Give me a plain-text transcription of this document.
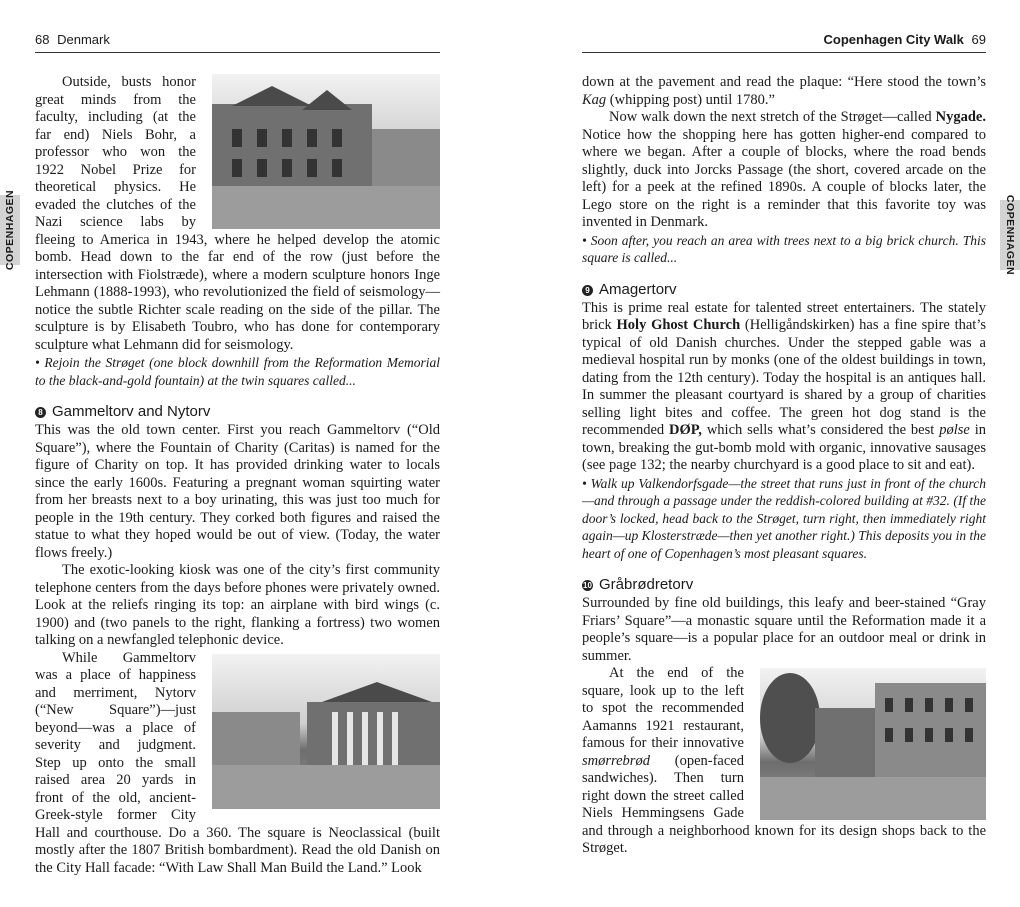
68 Denmark
COPENHAGEN

Outside, busts honor great minds from the faculty, including (at the far end) Niels Bohr, a professor who won the 1922 Nobel Prize for theoretical physics. He evaded the clutches of the Nazi science labs by fleeing to America in 1943, where he helped develop the atomic bomb. Head down to the far end of the row (just before the intersection with Fiolstræde), where a modern sculpture honors Inge Lehmann (1888-1993), who revolutionized the field of seismology—notice the subtle Richter scale reading on the side of the pillar. The sculpture is by Elisabeth Toubro, who has done for contemporary sculpture what Lehmann did for seismology.

• Rejoin the Strøget (one block downhill from the Reformation Memorial to the black-and-gold fountain) at the twin squares called...

8 Gammeltorv and Nytorv

This was the old town center. First you reach Gammeltorv (“Old Square”), where the Fountain of Charity (Caritas) is named for the figure of Charity on top. It has provided drinking water to locals since the early 1600s. Featuring a pregnant woman squirting water from her breasts next to a boy urinating, this was just too much for people in the 19th century. They corked both figures and raised the statue to what they hoped would be out of view. (Today, the water flows freely.)

The exotic-looking kiosk was one of the city’s first community telephone centers from the days before phones were privately owned. Look at the reliefs ringing its top: an airplane with bird wings (c. 1900) and (two panels to the right, flanking a fortress) two women talking on a newfangled telephonic device.

While Gammeltorv was a place of happiness and merriment, Nytorv (“New Square”)—just beyond—was a place of severity and judgment. Step up onto the small raised area 20 yards in front of the old, ancient-Greek-style former City Hall and courthouse. Do a 360. The square is Neoclassical (built mostly after the 1807 British bombardment). Read the old Danish on the City Hall facade: “With Law Shall Man Build the Land.” Look

Copenhagen City Walk 69
COPENHAGEN

down at the pavement and read the plaque: “Here stood the town’s Kag (whipping post) until 1780.”

Now walk down the next stretch of the Strøget—called Nygade. Notice how the shopping here has gotten higher-end compared to where we began. After a couple of blocks, where the road bends slightly, duck into Jorcks Passage (the short, covered arcade on the left) for a peek at the refined 1890s. A couple of blocks later, the Lego store on the right is a reminder that this favorite toy was invented in Denmark.

• Soon after, you reach an area with trees next to a big brick church. This square is called...

9 Amagertorv

This is prime real estate for talented street entertainers. The stately brick Holy Ghost Church (Helligåndskirken) has a fine spire that’s typical of old Danish churches. Under the stepped gable was a medieval hospital run by monks (one of the oldest buildings in town, dating from the 12th century). Today the hospital is an antiques hall. In summer the pleasant courtyard is shared by a group of charities selling light bites and coffee. The green hot dog stand is the recommended DØP, which sells what’s considered the best pølse in town, breaking the gut-bomb mold with organic, innovative sausages (see page 132; the nearby churchyard is a good place to sit and eat).

• Walk up Valkendorfsgade—the street that runs just in front of the church—and through a passage under the reddish-colored building at #32. (If the door’s locked, head back to the Strøget, turn right, then immediately right again—up Klosterstræde—then yet another right.) This deposits you in the heart of one of Copenhagen’s most pleasant squares.

10 Gråbrødretorv

Surrounded by fine old buildings, this leafy and beer-stained “Gray Friars’ Square”—a monastic square until the Reformation made it a people’s square—is a popular place for an outdoor meal or drink in summer.

At the end of the square, look up to the left to spot the recommended Aamanns 1921 restaurant, famous for their innovative smørrebrød (open-faced sandwiches). Then turn right down the street called Niels Hemmingsens Gade and through a neighborhood known for its design shops back to the Strøget.
